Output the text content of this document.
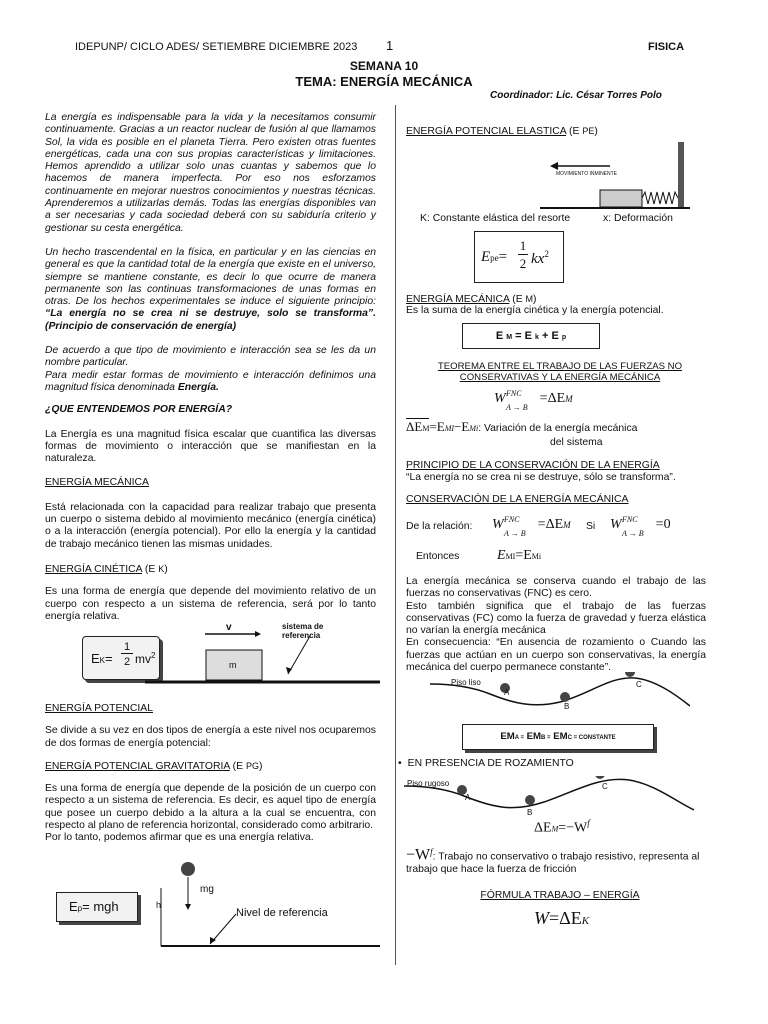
IDEPUNP/ CICLO ADES/ SETIEMBRE DICIEMBRE 2023 1	FISICA
SEMANA 10
TEMA: ENERGÍA MECÁNICA
Coordinador: Lic. César Torres Polo

La energía es indispensable para la vida y la necesitamos consumir continuamente. Gracias a un reactor nuclear de fusión al que llamamos Sol, la vida es posible en el planeta Tierra. Pero existen otras fuentes energéticas, cada una con sus propias características y limitaciones. Hemos aprendido a utilizar solo unas cuantas y sabemos que lo hacemos de manera imperfecta. Por eso nos esforzamos continuamente en mejorar nuestros conocimientos y nuestras técnicas. Aprenderemos a utilizarlas demás. Todas las energías disponibles van a ser necesarias y cada sociedad deberá con su sabiduría criterio y gestionar su cesta energética.

Un hecho trascendental en la física, en particular y en las ciencias en general es que la cantidad total de la energía que existe en el universo, siempre se mantiene constante, es decir lo que ocurre de manera permanente son las continuas transformaciones de unas formas en otras. De los hechos experimentales se induce el siguiente principio: “La energía no se crea ni se destruye, solo se transforma”. (Principio de conservación de energía)

De acuerdo a que tipo de movimiento e interacción sea se les da un nombre particular.

Para medir estar formas de movimiento e interacción definimos una magnitud física denominada Energía.

¿QUE ENTENDEMOS POR ENERGÍA?

La Energía es una magnitud física escalar que cuantifica las diversas formas de movimiento o interacción que se manifiestan en la naturaleza.

ENERGÍA MECÁNICA

Está relacionada con la capacidad para realizar trabajo que presenta un cuerpo o sistema debido al movimiento mecánico (energía cinética) o a la interacción (energía potencial). Por ello la energía y la cantidad de trabajo mecánico tienen las mismas unidades.

ENERGÍA CINÉTICA (E K)

Es una forma de energía que depende del movimiento relativo de un cuerpo con respecto a un sistema de referencia, será por lo tanto energía relativa.

EK=
1
2 $mv^2$
v
m
sistema de
referencia

ENERGÍA POTENCIAL

Se divide a su vez en dos tipos de energía a este nivel nos ocuparemos de dos formas de energía potencial:

ENERGÍA POTENCIAL GRAVITATORIA (E PG)

Es una forma de energía que depende de la posición de un cuerpo con respecto a un sistema de referencia. Es decir, es aquel tipo de energía que posee un cuerpo debido a la altura a la cual se encuentra, con respecto al plano de referencia horizontal, considerado como arbitrario.

Por lo tanto, podemos afirmar que es una energía relativa.

Ep= mgh	h
mg
Nivel de referencia
ENERGÍA POTENCIAL ELASTICA (E PE)
MOVIMIENTO INMINENTE
K: Constante elástica del resorte	x: Deformación
Epe=
1
2 $kx^2$
ENERGÍA MECÁNICA (E M)
Es la suma de la energía cinética y la energía potencial.
E M = E k + E p
TEOREMA ENTRE EL TRABAJO DE LAS FUERZAS NO
CONSERVATIVAS Y LA ENERGÍA MECÁNICA
W FNC
A → B
=ΔEM
ΔEM=EMI−EMi: Variación de la energía mecánica
del sistema
PRINCIPIO DE LA CONSERVACIÓN DE LA ENERGÍA
“La energía no se crea ni se destruye, sólo se transforma”.
CONSERVACIÓN DE LA ENERGÍA MECÁNICA
De la relación: W FNC
A → B
=ΔEM Si W FNC
A → B
=0
Entonces	EMI=EMi

La energía mecánica se conserva cuando el trabajo de las fuerzas no conservativas (FNC) es cero.

Esto también significa que el trabajo de las fuerzas conservativas (FC) como la fuerza de gravedad y fuerza elástica no varían la energía mecánica

En consecuencia: “En ausencia de rozamiento o Cuando las fuerzas que actúan en un cuerpo son conservativas, la energía mecánica del cuerpo permanece constante”.

Piso liso
A
B
C
EMA = EMB = EMC = CONSTANTE
• EN PRESENCIA DE ROZAMIENTO
Piso rugoso
A
B
C
$\Delta EM=-W^f$
$-W^f$: Trabajo no conservativo o trabajo resistivo, representa al trabajo que hace la fuerza de fricción
FÓRMULA TRABAJO – ENERGÍA
W=ΔEK
